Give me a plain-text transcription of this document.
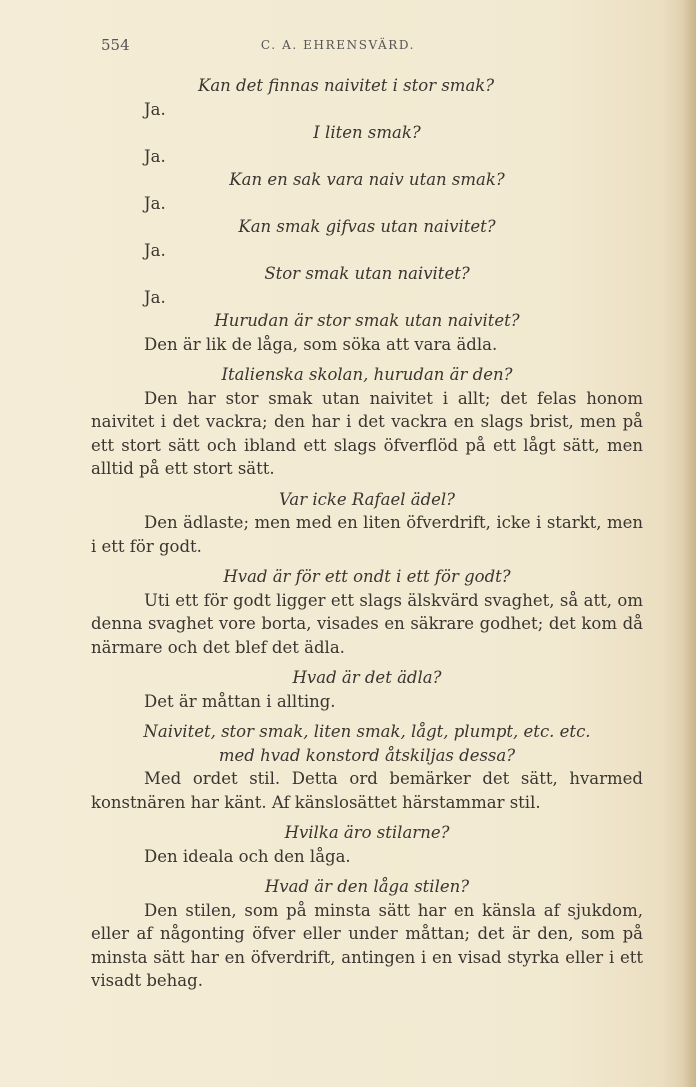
554	C. A. EHRENSVÄRD.
Kan det finnas naivitet i stor smak?
Ja.
I liten smak?
Ja.
Kan en sak vara naiv utan smak?
Ja.
Kan smak gifvas utan naivitet?
Ja.
Stor smak utan naivitet?
Ja.
Hurudan är stor smak utan naivitet?
Den är lik de låga, som söka att vara ädla.
Italienska skolan, hurudan är den?
Den har stor smak utan naivitet i allt; det felas honom naivitet i det vackra; den har i det vackra en slags brist, men på ett stort sätt och ibland ett slags öfverflöd på ett lågt sätt, men alltid på ett stort sätt.
Var icke Rafael ädel?
Den ädlaste; men med en liten öfverdrift, icke i starkt, men i ett för godt.
Hvad är för ett ondt i ett för godt?
Uti ett för godt ligger ett slags älskvärd svaghet, så att, om denna svaghet vore borta, visades en säkrare godhet; det kom då närmare och det blef det ädla.
Hvad är det ädla?
Det är måttan i allting.
Naivitet, stor smak, liten smak, lågt, plumpt, etc. etc.
med hvad konstord åtskiljas dessa?
Med ordet stil. Detta ord bemärker det sätt, hvarmed konstnären har känt. Af känslosättet härstammar stil.
Hvilka äro stilarne?
Den ideala och den låga.
Hvad är den låga stilen?
Den stilen, som på minsta sätt har en känsla af sjukdom, eller af någonting öfver eller under måttan; det är den, som på minsta sätt har en öfverdrift, antingen i en visad styrka eller i ett visadt behag.
